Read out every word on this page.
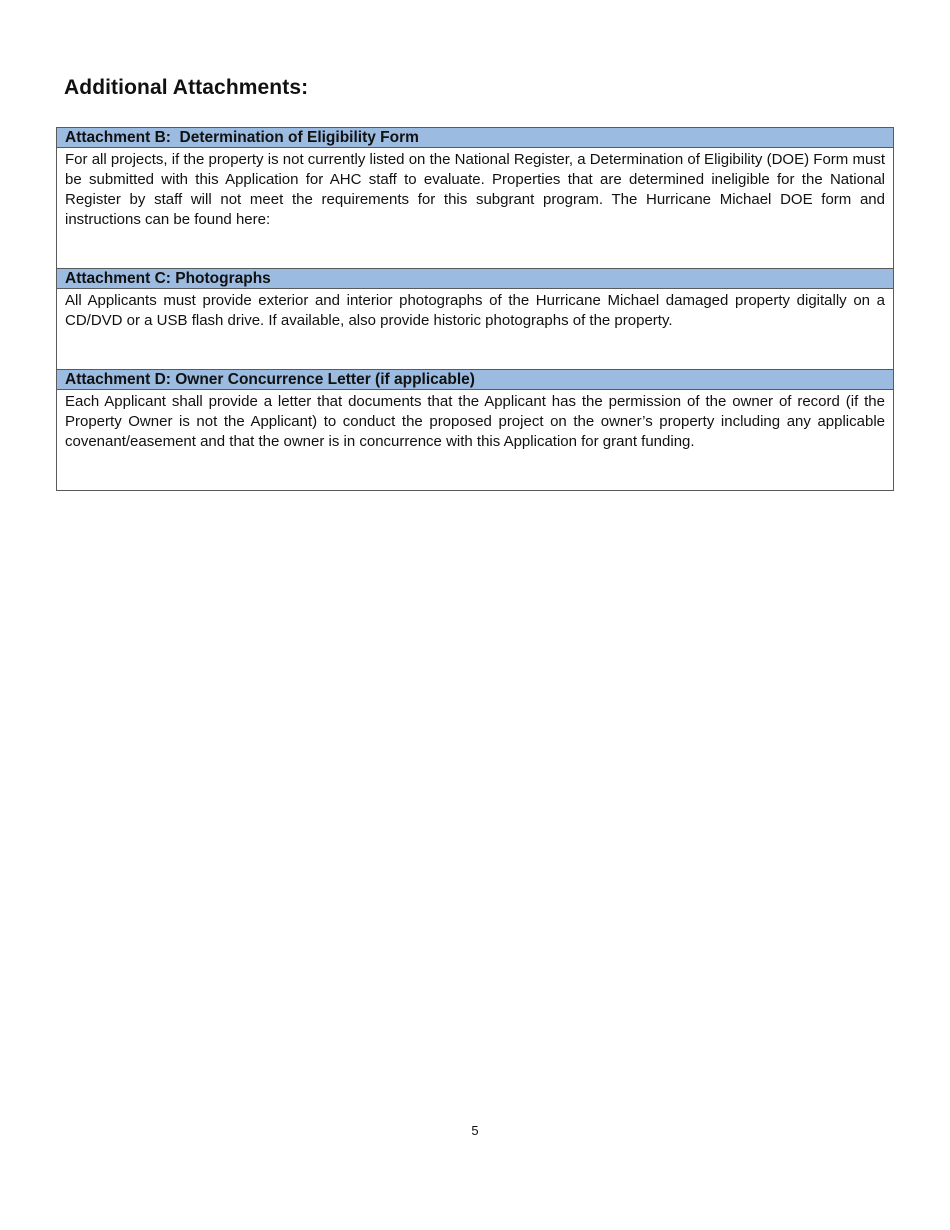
Additional Attachments:
Attachment B:  Determination of Eligibility Form
For all projects, if the property is not currently listed on the National Register, a Determination of Eligibility (DOE) Form must be submitted with this Application for AHC staff to evaluate. Properties that are determined ineligible for the National Register by staff will not meet the requirements for this subgrant program. The Hurricane Michael DOE form and instructions can be found here:
Attachment C: Photographs
All Applicants must provide exterior and interior photographs of the Hurricane Michael damaged property digitally on a CD/DVD or a USB flash drive. If available, also provide historic photographs of the property.
Attachment D: Owner Concurrence Letter (if applicable)
Each Applicant shall provide a letter that documents that the Applicant has the permission of the owner of record (if the Property Owner is not the Applicant) to conduct the proposed project on the owner’s property including any applicable covenant/easement and that the owner is in concurrence with this Application for grant funding.
5
